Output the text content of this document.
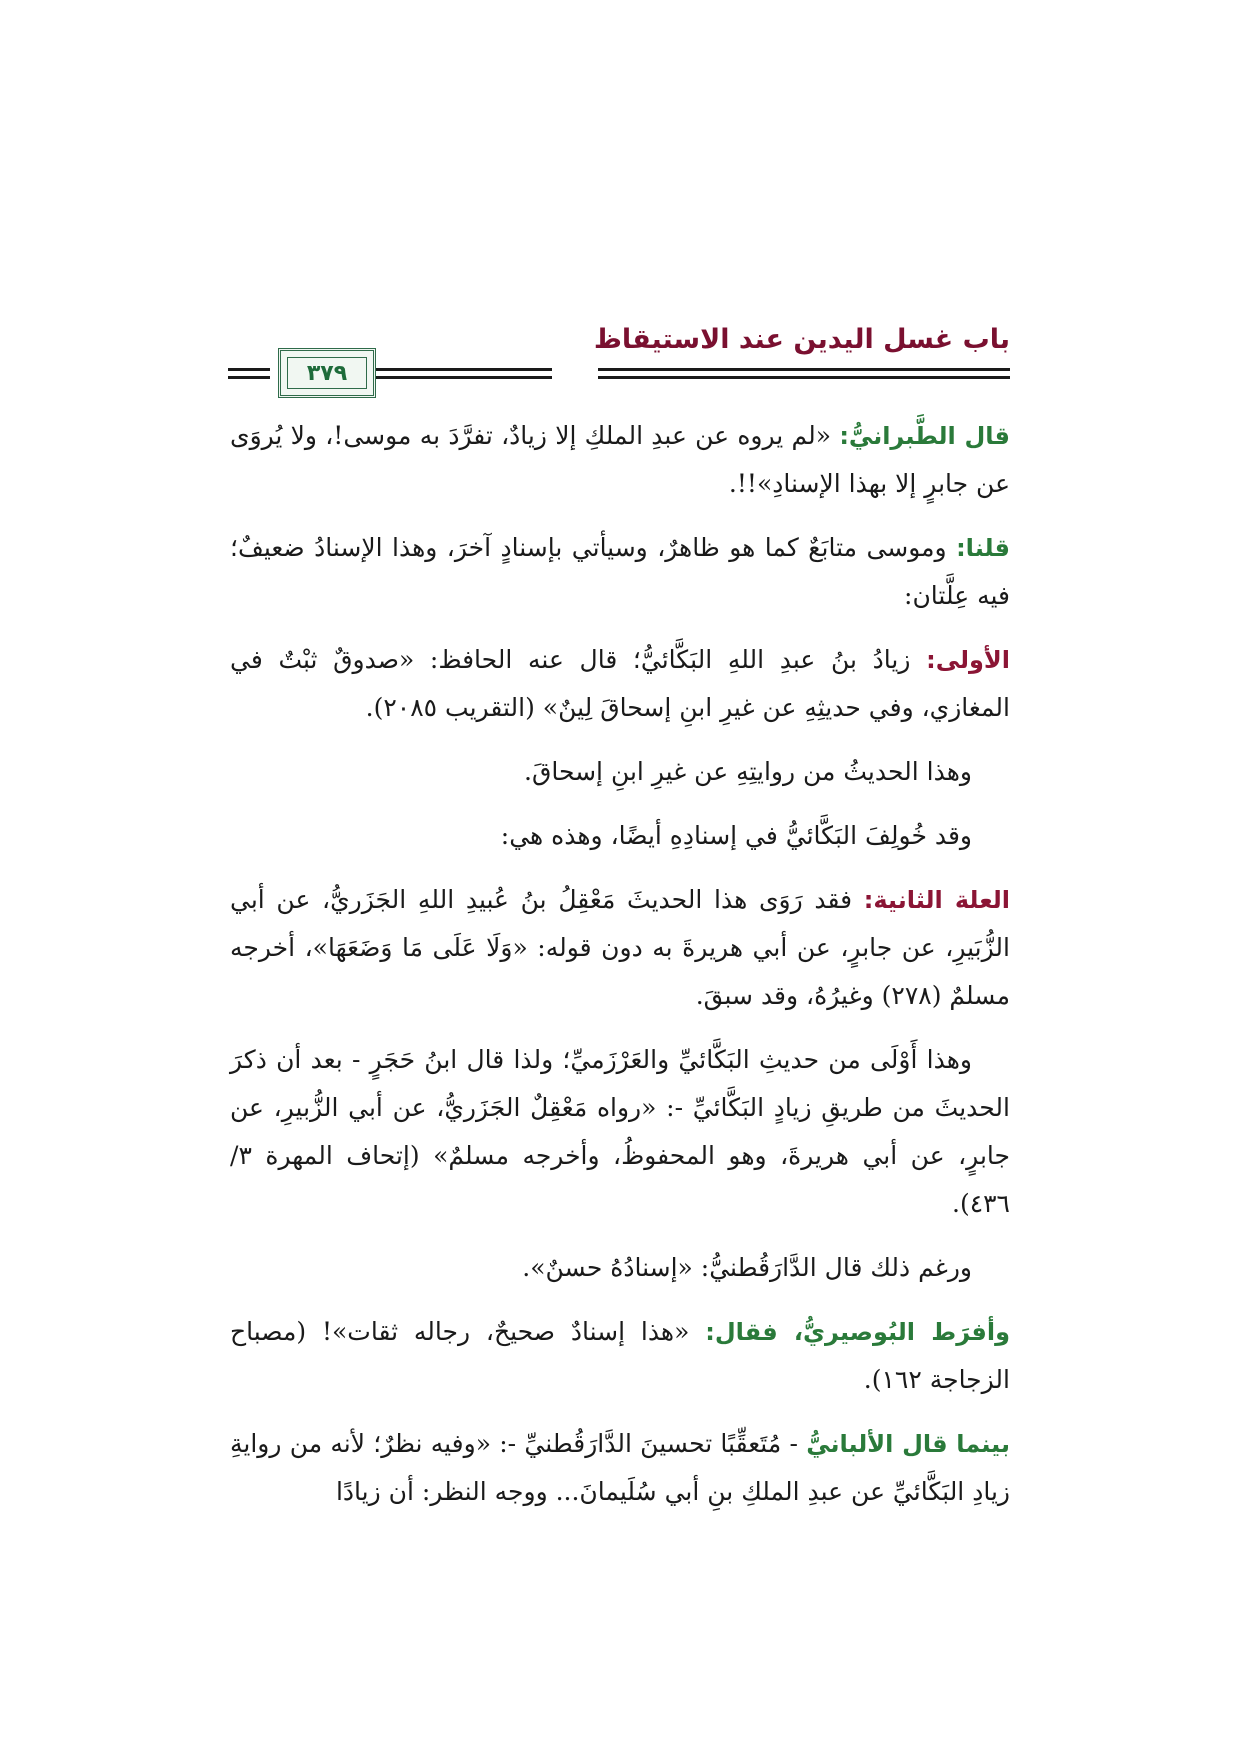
باب غسل اليدين عند الاستيقاظ
٣٧٩

قال الطَّبرانيُّ: «لم يروه عن عبدِ الملكِ إلا زيادٌ، تفرَّدَ به موسى!، ولا يُروَى عن جابرٍ إلا بهذا الإسنادِ»!!.

قلنا: وموسى متابَعٌ كما هو ظاهرٌ، وسيأتي بإسنادٍ آخرَ، وهذا الإسنادُ ضعيفٌ؛ فيه عِلَّتان:

الأولى: زيادُ بنُ عبدِ اللهِ البَكَّائيُّ؛ قال عنه الحافظ: «صدوقٌ ثبْتٌ في المغازي، وفي حديثِهِ عن غيرِ ابنِ إسحاقَ لِينٌ» (التقريب ٢٠٨٥).

وهذا الحديثُ من روايتِهِ عن غيرِ ابنِ إسحاقَ.

وقد خُولِفَ البَكَّائيُّ في إسنادِهِ أيضًا، وهذه هي:

العلة الثانية: فقد رَوَى هذا الحديثَ مَعْقِلُ بنُ عُبيدِ اللهِ الجَزَريُّ، عن أبي الزُّبَيرِ، عن جابرٍ، عن أبي هريرةَ به دون قوله: «وَلَا عَلَى مَا وَضَعَهَا»، أخرجه مسلمٌ (٢٧٨) وغيرُهُ، وقد سبقَ.

وهذا أَوْلَى من حديثِ البَكَّائيِّ والعَرْزَميِّ؛ ولذا قال ابنُ حَجَرٍ - بعد أن ذكرَ الحديثَ من طريقِ زيادٍ البَكَّائيِّ -: «رواه مَعْقِلٌ الجَزَريُّ، عن أبي الزُّبيرِ، عن جابرٍ، عن أبي هريرةَ، وهو المحفوظُ، وأخرجه مسلمٌ» (إتحاف المهرة ٣/ ٤٣٦).

ورغم ذلك قال الدَّارَقُطنيُّ: «إسنادُهُ حسنٌ».

وأفرَط البُوصيريُّ، فقال: «هذا إسنادٌ صحيحٌ، رجاله ثقات»! (مصباح الزجاجة ١٦٢).

بينما قال الألبانيُّ - مُتَعقِّبًا تحسينَ الدَّارَقُطنيِّ -: «وفيه نظرٌ؛ لأنه من روايةِ زيادِ البَكَّائيِّ عن عبدِ الملكِ بنِ أبي سُلَيمانَ... ووجه النظر: أن زيادًا
